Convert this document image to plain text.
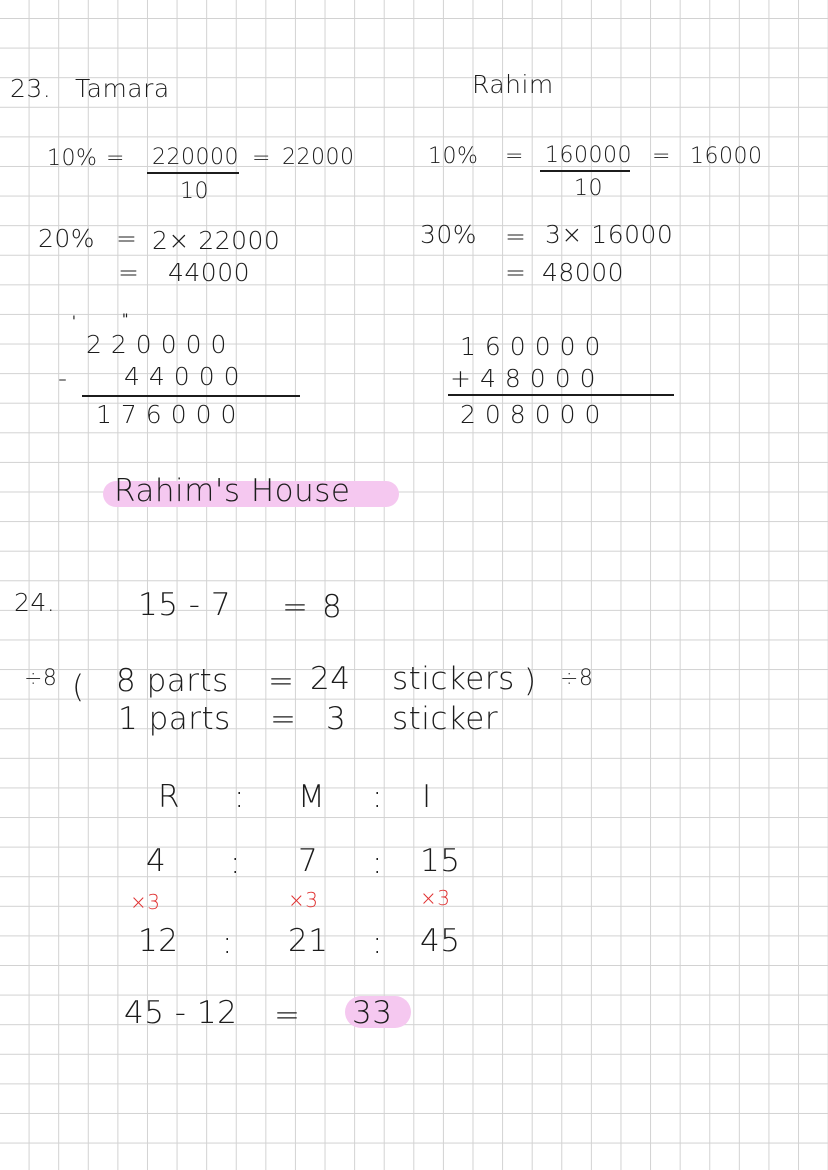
23. Tamara	Rahim
10% = 220000
10
= 22000
20% = 2× 22000
= 44000
'	"
220000
- 44000
176000
10% = 160000
10
= 16000
30% = 3× 16000
= 48000
160000
+ 48000
208000
Rahim's House
24.	15 - 7 = 8
÷8 ( 8 parts = 24 stickers ) ÷8
1 parts = 3 sticker
R : M : I
4 : 7 : 15
×3	×3	×3
12 : 21 : 45
45 - 12 = 33
